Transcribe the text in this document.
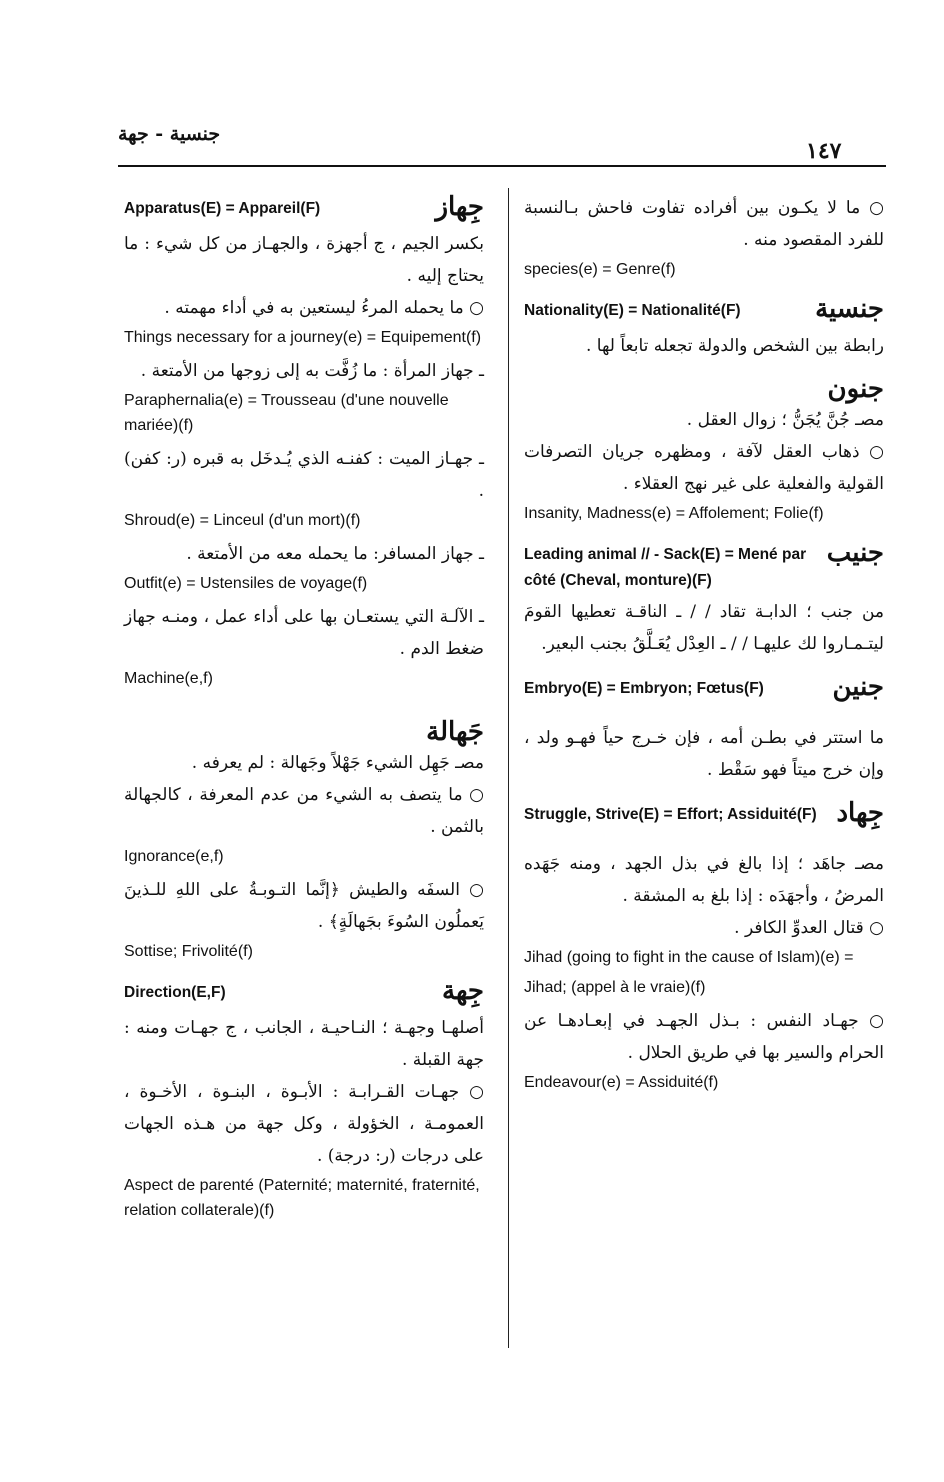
جنسية - جهة
١٤٧
○ ما لا يكـون بين أفراده تفاوت فاحش بـالنسبة للفرد المقصود منه .
species(e) = Genre(f)
جنسية
Nationality(E) = Nationalité(F)
رابطة بين الشخص والدولة تجعله تابعاً لها .
جنون
مصـ جُنَّ يُجَنُّ ؛ زوال العقل .
○ ذهاب العقل لآفة ، ومظهره جريان التصرفات القولية والفعلية على غير نهج العقلاء .
Insanity, Madness(e) = Affolement; Folie(f)
جنيب
Leading animal // - Sack(E) = Mené par côté (Cheval, monture)(F)
من جنب ؛ الدابـة تقاد / / ـ الناقـة تعطيها القومَ ليتـمـاروا لك عليهـا / / ـ العِدْل يُعَـلَّقُ بجنب البعير.
جنين
Embryo(E) = Embryon; Fœtus(F)
ما استتر في بطـن أمه ، فإن خـرج حياً فهـو ولد ، وإن خرج ميتاً فهو سَقْط .
جِهاد
Struggle, Strive(E) = Effort; Assiduité(F)
مصـ جاهَد ؛ إذا بالغ في بذل الجهد ، ومنه جَهَده المرضُ ، وأجهَدَه : إذا بلغ به المشقة .
○ قتال العدوِّ الكافر .
Jihad (going to fight in the cause of Islam)(e) =
Jihad; (appel à le vraie)(f)
○ جهـاد النفس : بـذل الجهـد في إبعـادهـا عن الحرام والسير بها في طريق الحلال .
Endeavour(e) = Assiduité(f)
جِهاز
Apparatus(E) = Appareil(F)
بكسر الجيم ، ج أجهزة ، والجهـاز من كل شيء : ما يحتاج إليه .
○ ما يحمله المرءُ ليستعين به في أداء مهمته .
Things necessary for a journey(e) = Equipement(f)
ـ جهاز المرأة : ما زُفَّت به إلى زوجها من الأمتعة .
Paraphernalia(e) = Trousseau (d'une nouvelle mariée)(f)
ـ جهـاز الميت : كفنـه الذي يُـدخَل به قبره (ر: كفن) .
Shroud(e) = Linceul (d'un mort)(f)
ـ جهاز المسافر: ما يحمله معه من الأمتعة .
Outfit(e) = Ustensiles de voyage(f)
ـ الآلـة التي يستعـان بها على أداء عمل ، ومنـه جهاز ضغط الدم .
Machine(e,f)
جَهالة
مصـ جَهِل الشيء جَهْلاً وجَهالة : لم يعرفه .
○ ما يتصف به الشيء من عدم المعرفة ، كالجهالة بالثمن .
Ignorance(e,f)
○ السفَه والطيش ﴿إنَّما التـوبـةُ على اللهِ للـذينَ يَعملُون السُوءَ بجَهالَةٍ﴾ .
Sottise; Frivolité(f)
جِهة
Direction(E,F)
أصلهـا وجهـة ؛ النـاحيـة ، الجانب ، ج جهـات ومنه : جهة القبلة .
○ جهـات القـرابـة : الأبـوة ، البنـوة ، الأخـوة ، العمومـة ، الخؤولة ، وكل جهة من هـذه الجهات على درجات (ر: درجة) .
Aspect de parenté (Paternité; maternité, fraternité, relation collaterale)(f)
